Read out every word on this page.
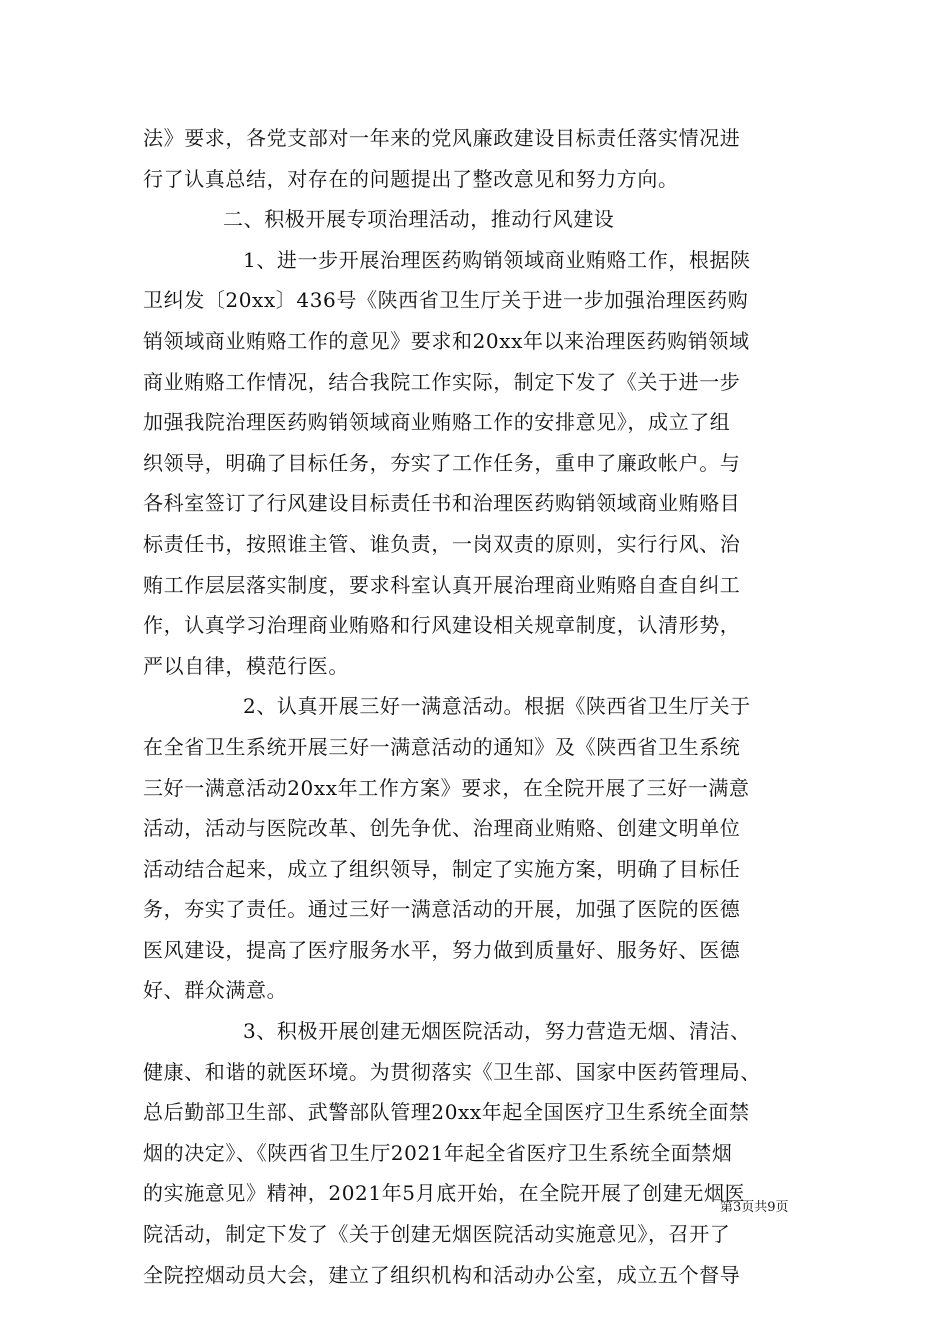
法》要求，各党支部对一年来的党风廉政建设目标责任落实情况进
行了认真总结，对存在的问题提出了整改意见和努力方向。
二、积极开展专项治理活动，推动行风建设
1、进一步开展治理医药购销领域商业贿赂工作，根据陕
卫纠发〔20xx〕436号《陕西省卫生厅关于进一步加强治理医药购
销领域商业贿赂工作的意见》要求和20xx年以来治理医药购销领域
商业贿赂工作情况，结合我院工作实际，制定下发了《关于进一步
加强我院治理医药购销领域商业贿赂工作的安排意见》，成立了组
织领导，明确了目标任务，夯实了工作任务，重申了廉政帐户。与
各科室签订了行风建设目标责任书和治理医药购销领域商业贿赂目
标责任书，按照谁主管、谁负责，一岗双责的原则，实行行风、治
贿工作层层落实制度，要求科室认真开展治理商业贿赂自查自纠工
作，认真学习治理商业贿赂和行风建设相关规章制度，认清形势，
严以自律，模范行医。
2、认真开展三好一满意活动。根据《陕西省卫生厅关于
在全省卫生系统开展三好一满意活动的通知》及《陕西省卫生系统
三好一满意活动20xx年工作方案》要求，在全院开展了三好一满意
活动，活动与医院改革、创先争优、治理商业贿赂、创建文明单位
活动结合起来，成立了组织领导，制定了实施方案，明确了目标任
务，夯实了责任。通过三好一满意活动的开展，加强了医院的医德
医风建设，提高了医疗服务水平，努力做到质量好、服务好、医德
好、群众满意。
3、积极开展创建无烟医院活动，努力营造无烟、清洁、
健康、和谐的就医环境。为贯彻落实《卫生部、国家中医药管理局、
总后勤部卫生部、武警部队管理20xx年起全国医疗卫生系统全面禁
烟的决定》、《陕西省卫生厅2021年起全省医疗卫生系统全面禁烟
的实施意见》精神，2021年5月底开始，在全院开展了创建无烟医
院活动，制定下发了《关于创建无烟医院活动实施意见》，召开了
全院控烟动员大会，建立了组织机构和活动办公室，成立五个督导
第3页共9页
